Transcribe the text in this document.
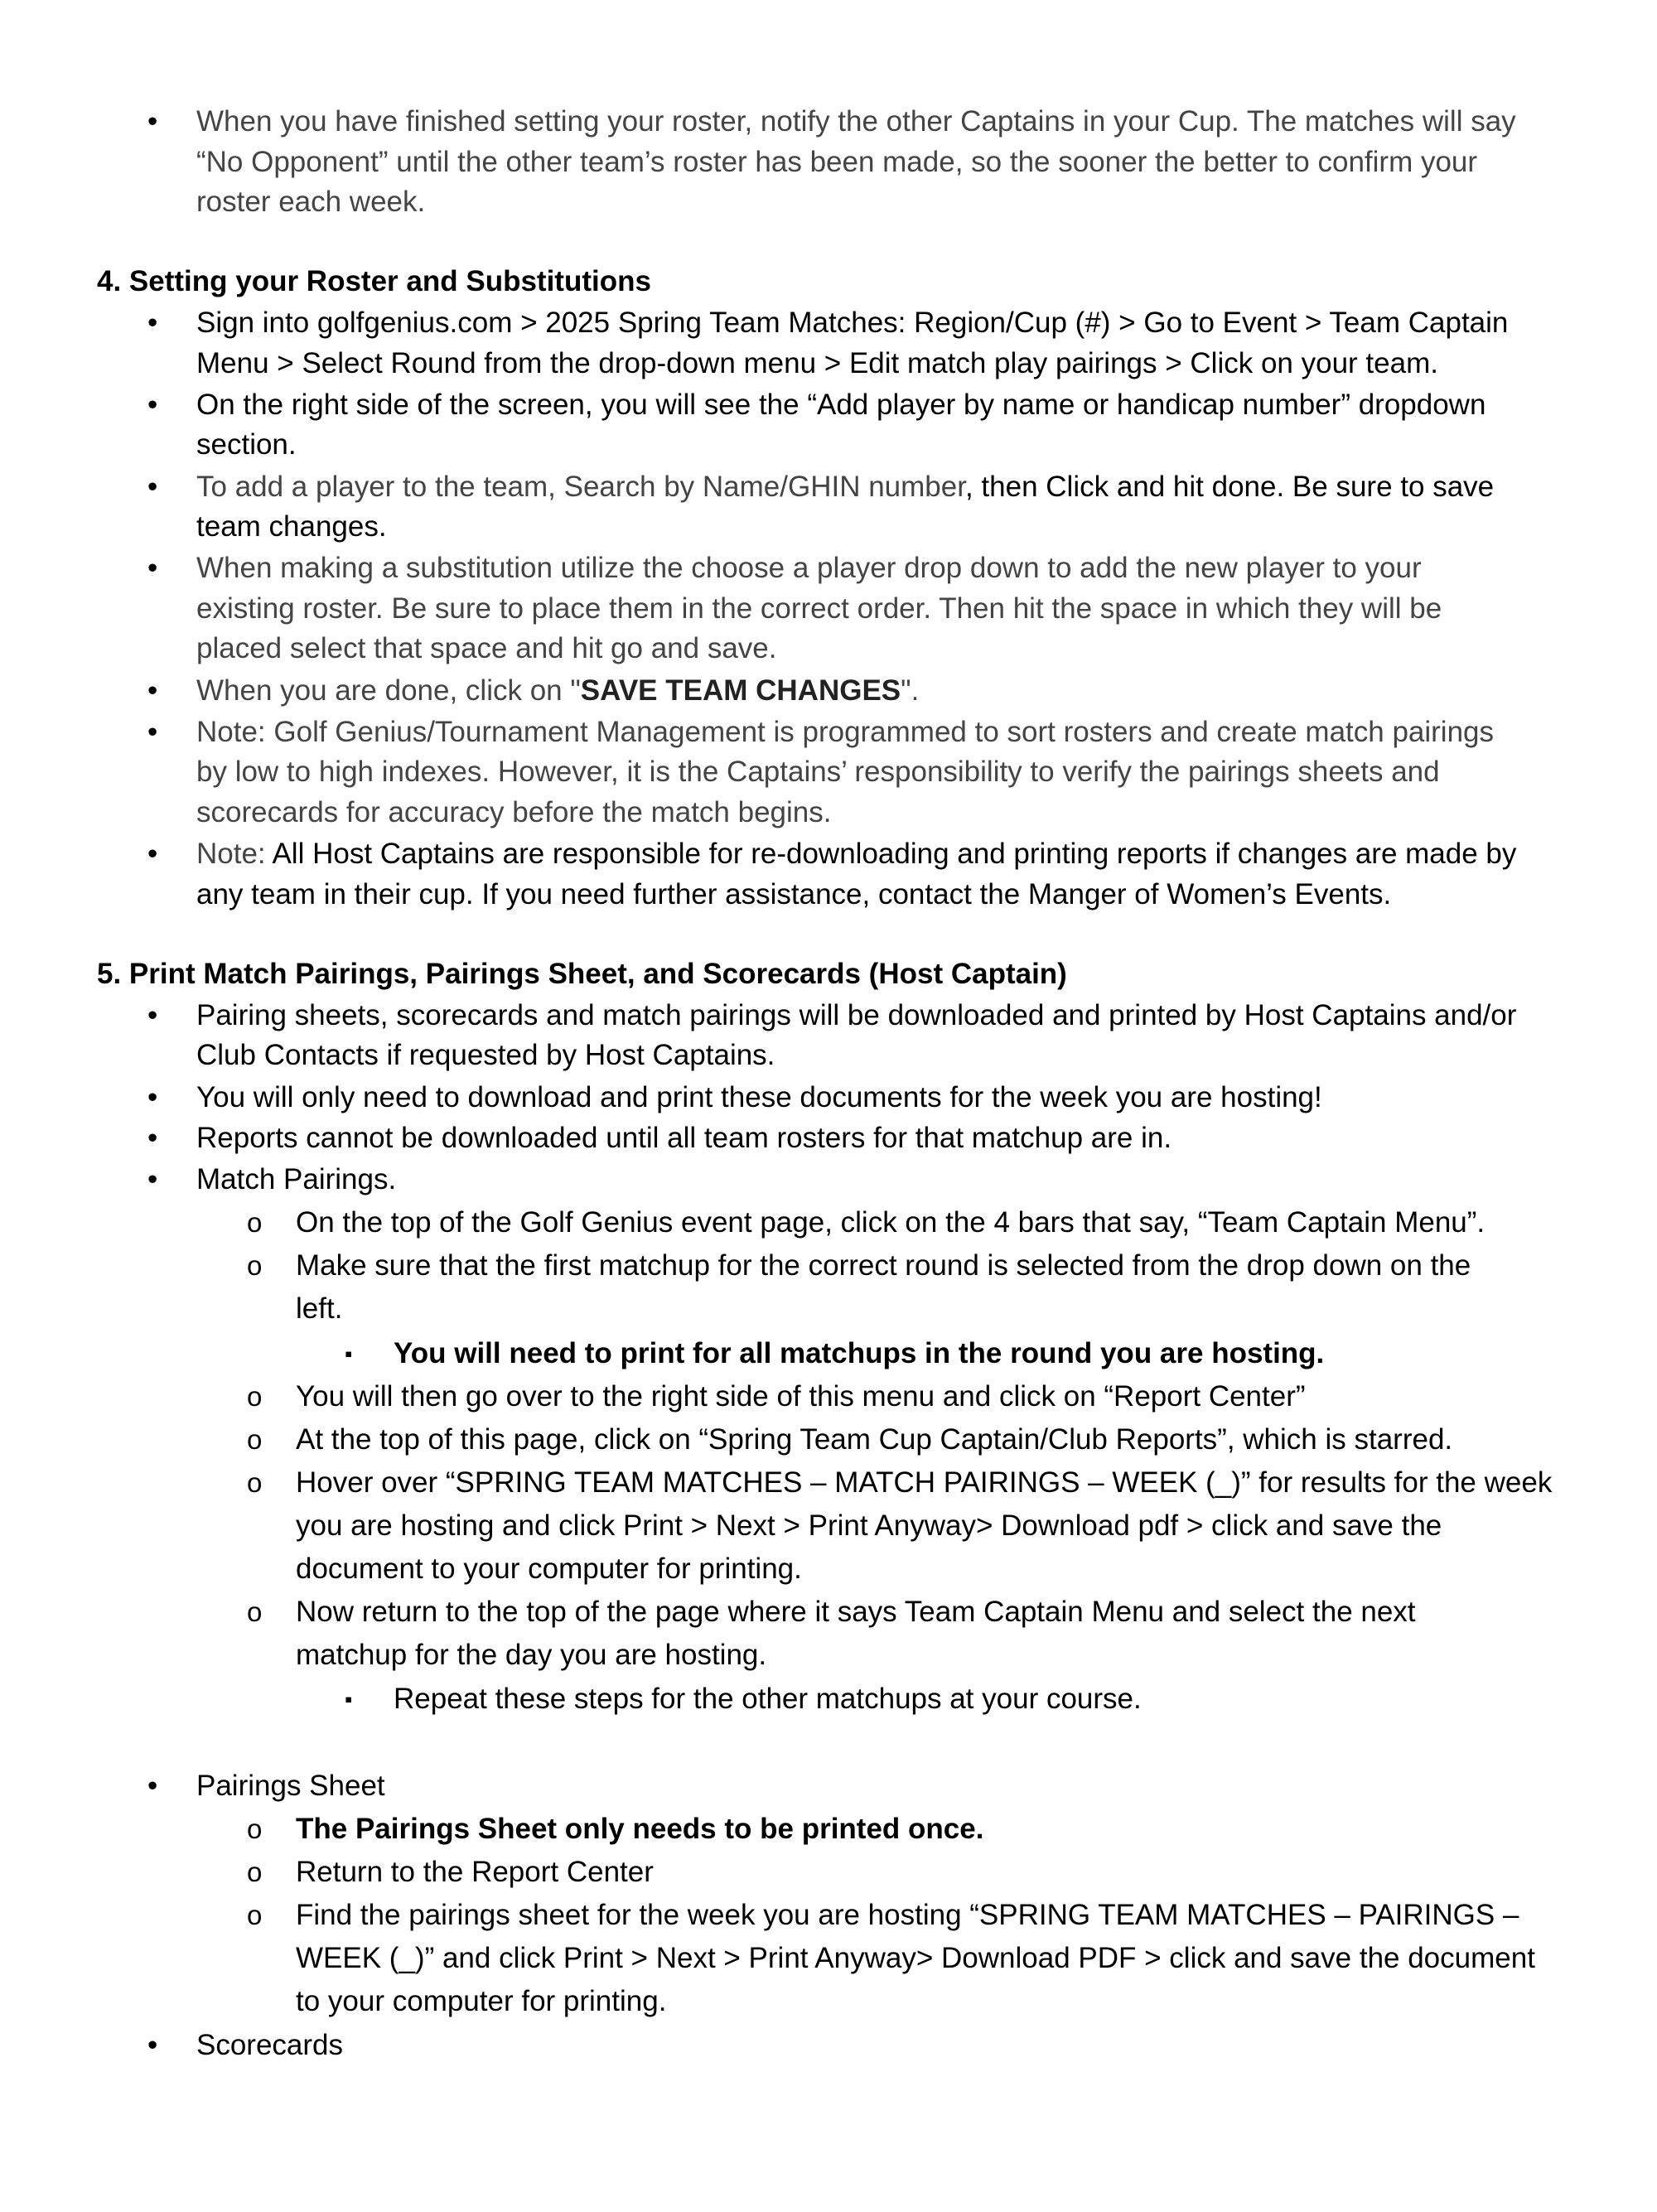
• When you have finished setting your roster, notify the other Captains in your Cup. The matches will say
“No Opponent” until the other team’s roster has been made, so the sooner the better to confirm your
roster each week.
4. Setting your Roster and Substitutions
• Sign into golfgenius.com > 2025 Spring Team Matches: Region/Cup (#) > Go to Event > Team Captain
Menu > Select Round from the drop-down menu > Edit match play pairings > Click on your team.
• On the right side of the screen, you will see the “Add player by name or handicap number” dropdown
section.
• To add a player to the team, Search by Name/GHIN number, then Click and hit done. Be sure to save
team changes.
• When making a substitution utilize the choose a player drop down to add the new player to your
existing roster. Be sure to place them in the correct order. Then hit the space in which they will be
placed select that space and hit go and save.
• When you are done, click on "SAVE TEAM CHANGES".
• Note: Golf Genius/Tournament Management is programmed to sort rosters and create match pairings
by low to high indexes. However, it is the Captains’ responsibility to verify the pairings sheets and
scorecards for accuracy before the match begins.
• Note: All Host Captains are responsible for re-downloading and printing reports if changes are made by
any team in their cup. If you need further assistance, contact the Manger of Women’s Events.
5. Print Match Pairings, Pairings Sheet, and Scorecards (Host Captain)
• Pairing sheets, scorecards and match pairings will be downloaded and printed by Host Captains and/or
Club Contacts if requested by Host Captains.
• You will only need to download and print these documents for the week you are hosting!
• Reports cannot be downloaded until all team rosters for that matchup are in.
• Match Pairings.
o On the top of the Golf Genius event page, click on the 4 bars that say, “Team Captain Menu”.
o Make sure that the first matchup for the correct round is selected from the drop down on the
left.
▪ You will need to print for all matchups in the round you are hosting.
o You will then go over to the right side of this menu and click on “Report Center”
o At the top of this page, click on “Spring Team Cup Captain/Club Reports”, which is starred.
o Hover over “SPRING TEAM MATCHES – MATCH PAIRINGS – WEEK (_)” for results for the week
you are hosting and click Print > Next > Print Anyway> Download pdf > click and save the
document to your computer for printing.
o Now return to the top of the page where it says Team Captain Menu and select the next
matchup for the day you are hosting.
▪ Repeat these steps for the other matchups at your course.
• Pairings Sheet
o The Pairings Sheet only needs to be printed once.
o Return to the Report Center
o Find the pairings sheet for the week you are hosting “SPRING TEAM MATCHES – PAIRINGS –
WEEK (_)” and click Print > Next > Print Anyway> Download PDF > click and save the document
to your computer for printing.
• Scorecards
